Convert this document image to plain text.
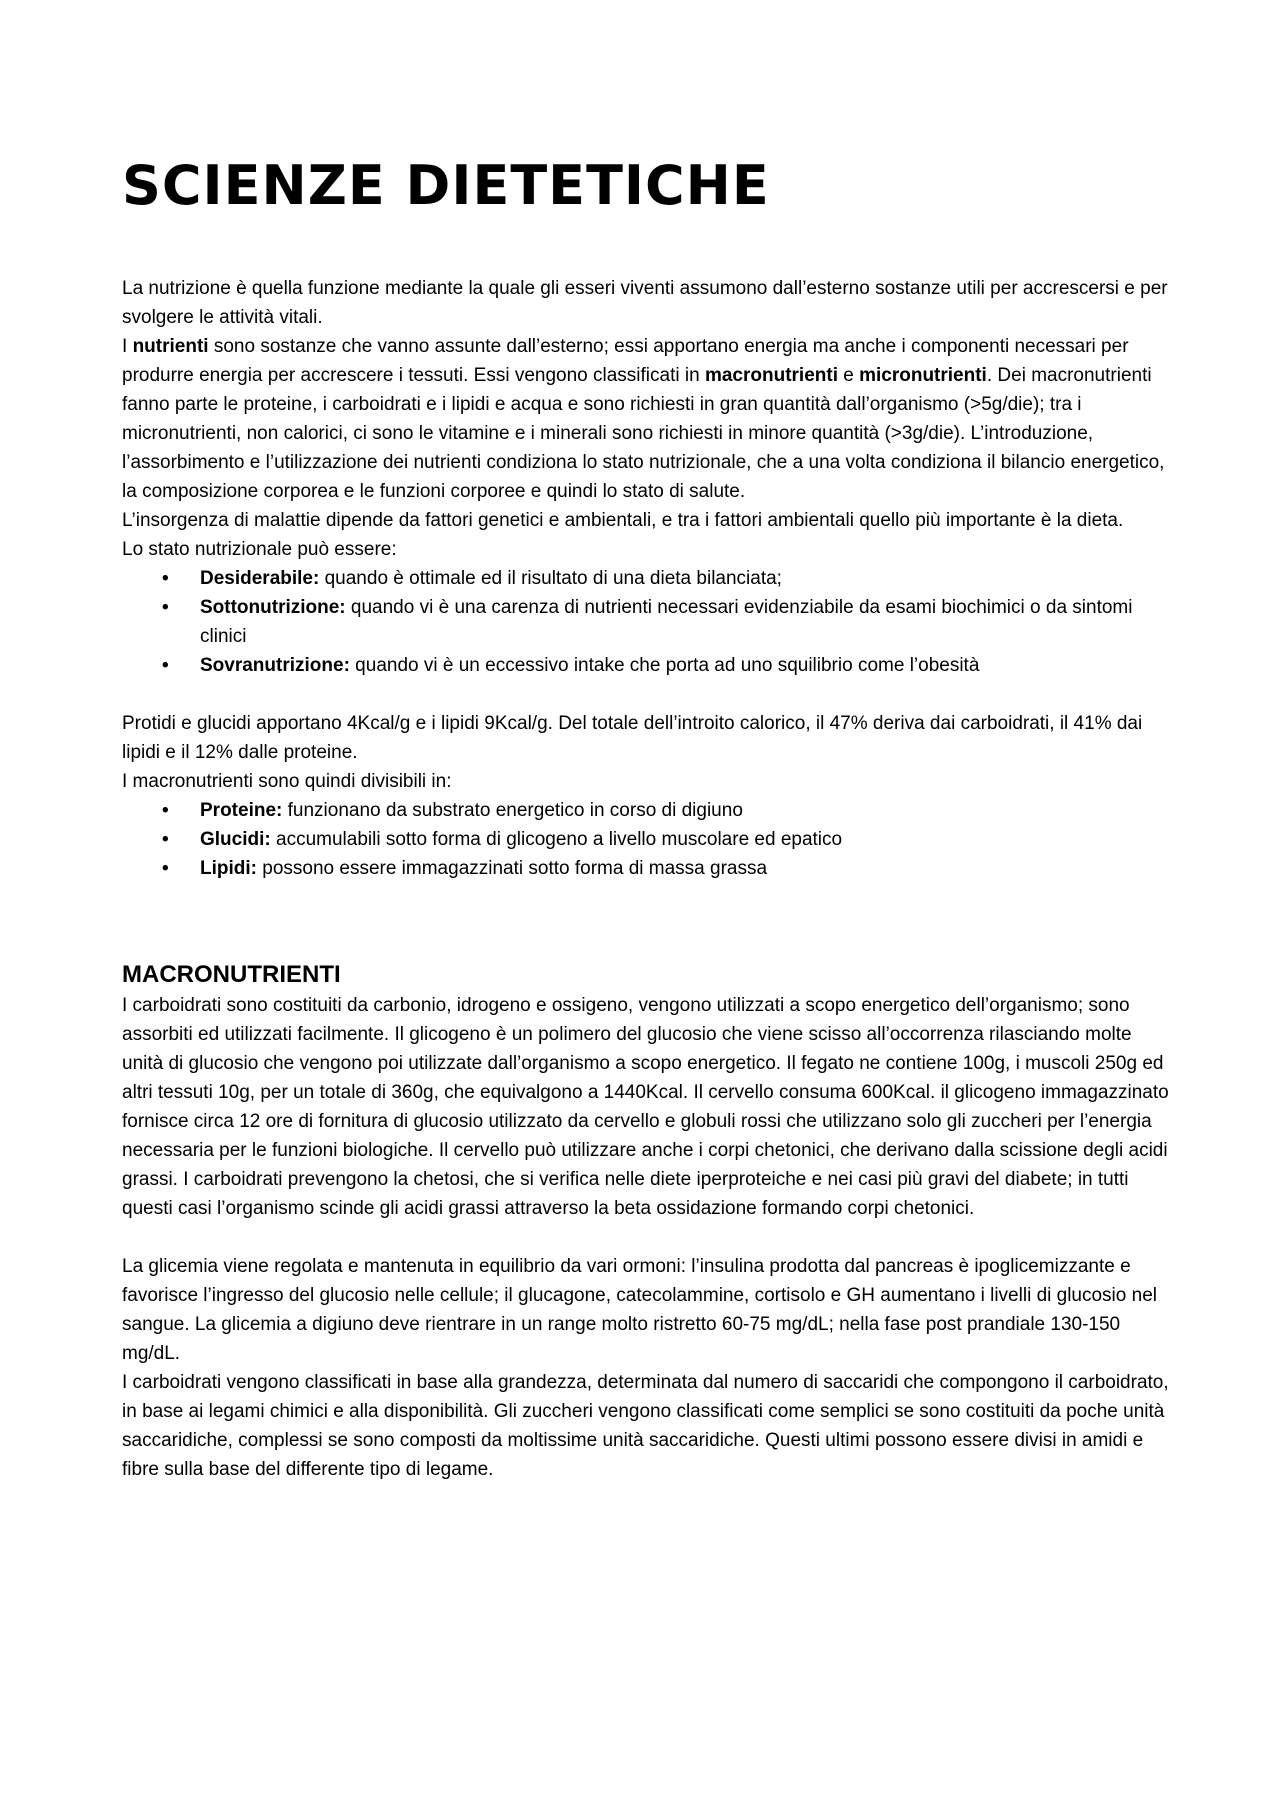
SCIENZE DIETETICHE

La nutrizione è quella funzione mediante la quale gli esseri viventi assumono dall’esterno sostanze utili per accrescersi e per svolgere le attività vitali.

I nutrienti sono sostanze che vanno assunte dall’esterno; essi apportano energia ma anche i componenti necessari per produrre energia per accrescere i tessuti. Essi vengono classificati in macronutrienti e micronutrienti. Dei macronutrienti fanno parte le proteine, i carboidrati e i lipidi e acqua e sono richiesti in gran quantità dall’organismo (>5g/die); tra i micronutrienti, non calorici, ci sono le vitamine e i minerali sono richiesti in minore quantità (>3g/die). L’introduzione, l’assorbimento e l’utilizzazione dei nutrienti condiziona lo stato nutrizionale, che a una volta condiziona il bilancio energetico, la composizione corporea e le funzioni corporee e quindi lo stato di salute.

L’insorgenza di malattie dipende da fattori genetici e ambientali, e tra i fattori ambientali quello più importante è la dieta.

Lo stato nutrizionale può essere:

• Desiderabile: quando è ottimale ed il risultato di una dieta bilanciata;
• Sottonutrizione: quando vi è una carenza di nutrienti necessari evidenziabile da esami biochimici o da sintomi clinici
• Sovranutrizione: quando vi è un eccessivo intake che porta ad uno squilibrio come l’obesità

Protidi e glucidi apportano 4Kcal/g e i lipidi 9Kcal/g. Del totale dell’introito calorico, il 47% deriva dai carboidrati, il 41% dai lipidi e il 12% dalle proteine.

I macronutrienti sono quindi divisibili in:

• Proteine: funzionano da substrato energetico in corso di digiuno
• Glucidi: accumulabili sotto forma di glicogeno a livello muscolare ed epatico
• Lipidi: possono essere immagazzinati sotto forma di massa grassa
MACRONUTRIENTI

I carboidrati sono costituiti da carbonio, idrogeno e ossigeno, vengono utilizzati a scopo energetico dell’organismo; sono assorbiti ed utilizzati facilmente. Il glicogeno è un polimero del glucosio che viene scisso all’occorrenza rilasciando molte unità di glucosio che vengono poi utilizzate dall’organismo a scopo energetico. Il fegato ne contiene 100g, i muscoli 250g ed altri tessuti 10g, per un totale di 360g, che equivalgono a 1440Kcal. Il cervello consuma 600Kcal. il glicogeno immagazzinato fornisce circa 12 ore di fornitura di glucosio utilizzato da cervello e globuli rossi che utilizzano solo gli zuccheri per l’energia necessaria per le funzioni biologiche. Il cervello può utilizzare anche i corpi chetonici, che derivano dalla scissione degli acidi grassi. I carboidrati prevengono la chetosi, che si verifica nelle diete iperproteiche e nei casi più gravi del diabete; in tutti questi casi l’organismo scinde gli acidi grassi attraverso la beta ossidazione formando corpi chetonici.

La glicemia viene regolata e mantenuta in equilibrio da vari ormoni: l’insulina prodotta dal pancreas è ipoglicemizzante e favorisce l’ingresso del glucosio nelle cellule; il glucagone, catecolammine, cortisolo e GH aumentano i livelli di glucosio nel sangue. La glicemia a digiuno deve rientrare in un range molto ristretto 60-75 mg/dL; nella fase post prandiale 130-150 mg/dL.

I carboidrati vengono classificati in base alla grandezza, determinata dal numero di saccaridi che compongono il carboidrato, in base ai legami chimici e alla disponibilità. Gli zuccheri vengono classificati come semplici se sono costituiti da poche unità saccaridiche, complessi se sono composti da moltissime unità saccaridiche. Questi ultimi possono essere divisi in amidi e fibre sulla base del differente tipo di legame.
